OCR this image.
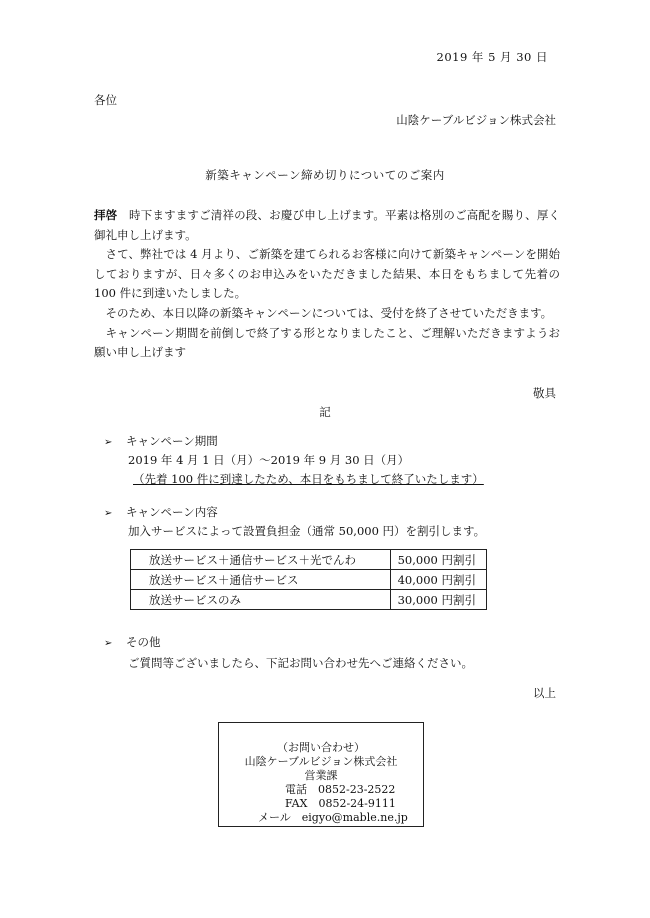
2019 年 5 月 30 日
各位
山陰ケーブルビジョン株式会社
新築キャンペーン締め切りについてのご案内

拝啓　時下ますますご清祥の段、お慶び申し上げます。平素は格別のご高配を賜り、厚く御礼申し上げます。

さて、弊社では 4 月より、ご新築を建てられるお客様に向けて新築キャンペーンを開始しておりますが、日々多くのお申込みをいただきました結果、本日をもちまして先着の 100 件に到達いたしました。

そのため、本日以降の新築キャンペーンについては、受付を終了させていただきます。

キャンペーン期間を前倒しで終了する形となりましたこと、ご理解いただきますようお願い申し上げます

敬具
記
➢ キャンペーン期間
2019 年 4 月 1 日（月）～2019 年 9 月 30 日（月）
（先着 100 件に到達したため、本日をもちまして終了いたします）
➢ キャンペーン内容
加入サービスによって設置負担金（通常 50,000 円）を割引します。
放送サービス＋通信サービス＋光でんわ	50,000 円割引
放送サービス＋通信サービス	40,000 円割引
放送サービスのみ	30,000 円割引
➢ その他
ご質問等ございましたら、下記お問い合わせ先へご連絡ください。
以上
（お問い合わせ）
山陰ケーブルビジョン株式会社
営業課
電話　0852-23-2522
FAX　0852-24-9111
メール　eigyo@mable.ne.jp
